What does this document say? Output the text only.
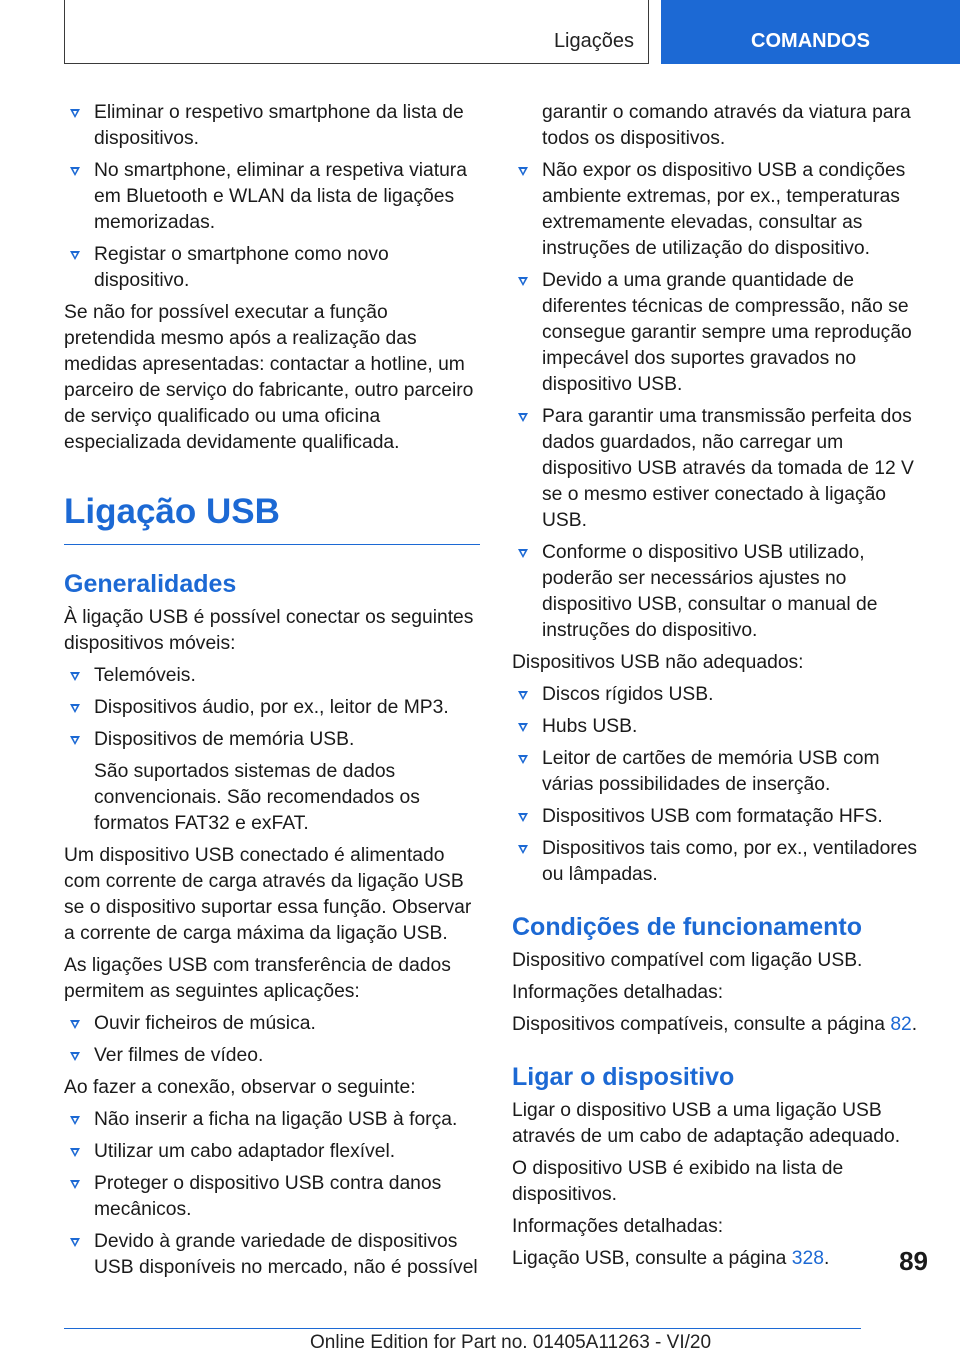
Ligações	COMANDOS
Eliminar o respetivo smartphone da lista de dispositivos.
No smartphone, eliminar a respetiva viatura em Bluetooth e WLAN da lista de ligações memorizadas.
Registar o smartphone como novo dispositivo.

Se não for possível executar a função pretendida mesmo após a realização das medidas apresentadas: contactar a hotline, um parceiro de serviço do fabricante, outro parceiro de serviço qualificado ou uma oficina especializada devidamente qualificada.

Ligação USB
Generalidades

À ligação USB é possível conectar os seguintes dispositivos móveis:

Telemóveis.
Dispositivos áudio, por ex., leitor de MP3.
Dispositivos de memória USB.
São suportados sistemas de dados convencionais. São recomendados os formatos FAT32 e exFAT.

Um dispositivo USB conectado é alimentado com corrente de carga através da ligação USB se o dispositivo suportar essa função. Observar a corrente de carga máxima da ligação USB.

As ligações USB com transferência de dados permitem as seguintes aplicações:

Ouvir ficheiros de música.
Ver filmes de vídeo.

Ao fazer a conexão, observar o seguinte:

Não inserir a ficha na ligação USB à força.
Utilizar um cabo adaptador flexível.
Proteger o dispositivo USB contra danos mecânicos.
Devido à grande variedade de dispositivos USB disponíveis no mercado, não é possível
garantir o comando através da viatura para todos os dispositivos.
Não expor os dispositivo USB a condições ambiente extremas, por ex., temperaturas extremamente elevadas, consultar as instruções de utilização do dispositivo.
Devido a uma grande quantidade de diferentes técnicas de compressão, não se consegue garantir sempre uma reprodução impecável dos suportes gravados no dispositivo USB.
Para garantir uma transmissão perfeita dos dados guardados, não carregar um dispositivo USB através da tomada de 12 V se o mesmo estiver conectado à ligação USB.
Conforme o dispositivo USB utilizado, poderão ser necessários ajustes no dispositivo USB, consultar o manual de instruções do dispositivo.

Dispositivos USB não adequados:

Discos rígidos USB.
Hubs USB.
Leitor de cartões de memória USB com várias possibilidades de inserção.
Dispositivos USB com formatação HFS.
Dispositivos tais como, por ex., ventiladores ou lâmpadas.
Condições de funcionamento

Dispositivo compatível com ligação USB.

Informações detalhadas:

Dispositivos compatíveis, consulte a página 82.

Ligar o dispositivo

Ligar o dispositivo USB a uma ligação USB através de um cabo de adaptação adequado.

O dispositivo USB é exibido na lista de dispositivos.

Informações detalhadas:

Ligação USB, consulte a página 328.	89
Online Edition for Part no. 01405A11263 - VI/20
